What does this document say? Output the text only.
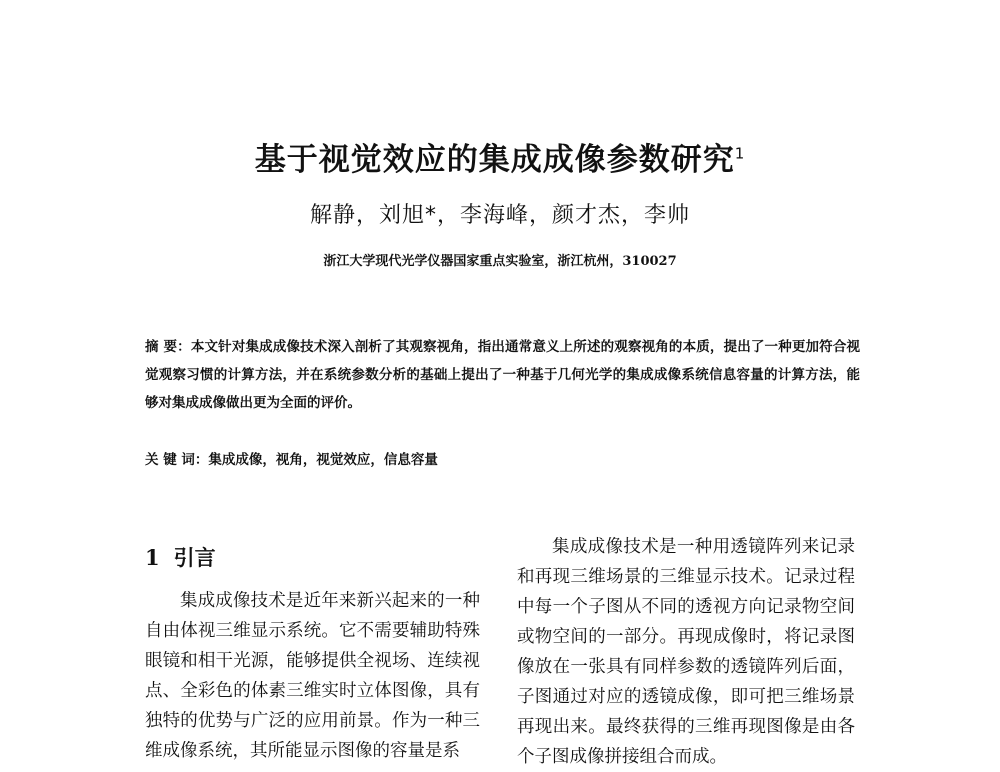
基于视觉效应的集成成像参数研究$^1$
解静，刘旭*，李海峰，颜才杰，李帅
浙江大学现代光学仪器国家重点实验室，浙江杭州，310027
摘 要：本文针对集成成像技术深入剖析了其观察视角，指出通常意义上所述的观察视角的本质，提出了一种更加符合视觉观察习惯的计算方法，并在系统参数分析的基础上提出了一种基于几何光学的集成成像系统信息容量的计算方法，能够对集成成像做出更为全面的评价。
关 键 词：集成成像，视角，视觉效应，信息容量
1 引言
集成成像技术是近年来新兴起来的一种自由体视三维显示系统。它不需要辅助特殊眼镜和相干光源，能够提供全视场、连续视点、全彩色的体素三维实时立体图像，具有独特的优势与广泛的应用前景。作为一种三维成像系统，其所能显示图像的容量是系
集成成像技术是一种用透镜阵列来记录和再现三维场景的三维显示技术。记录过程中每一个子图从不同的透视方向记录物空间或物空间的一部分。再现成像时，将记录图像放在一张具有同样参数的透镜阵列后面，子图通过对应的透镜成像，即可把三维场景再现出来。最终获得的三维再现图像是由各个子图成像拼接组合而成。
